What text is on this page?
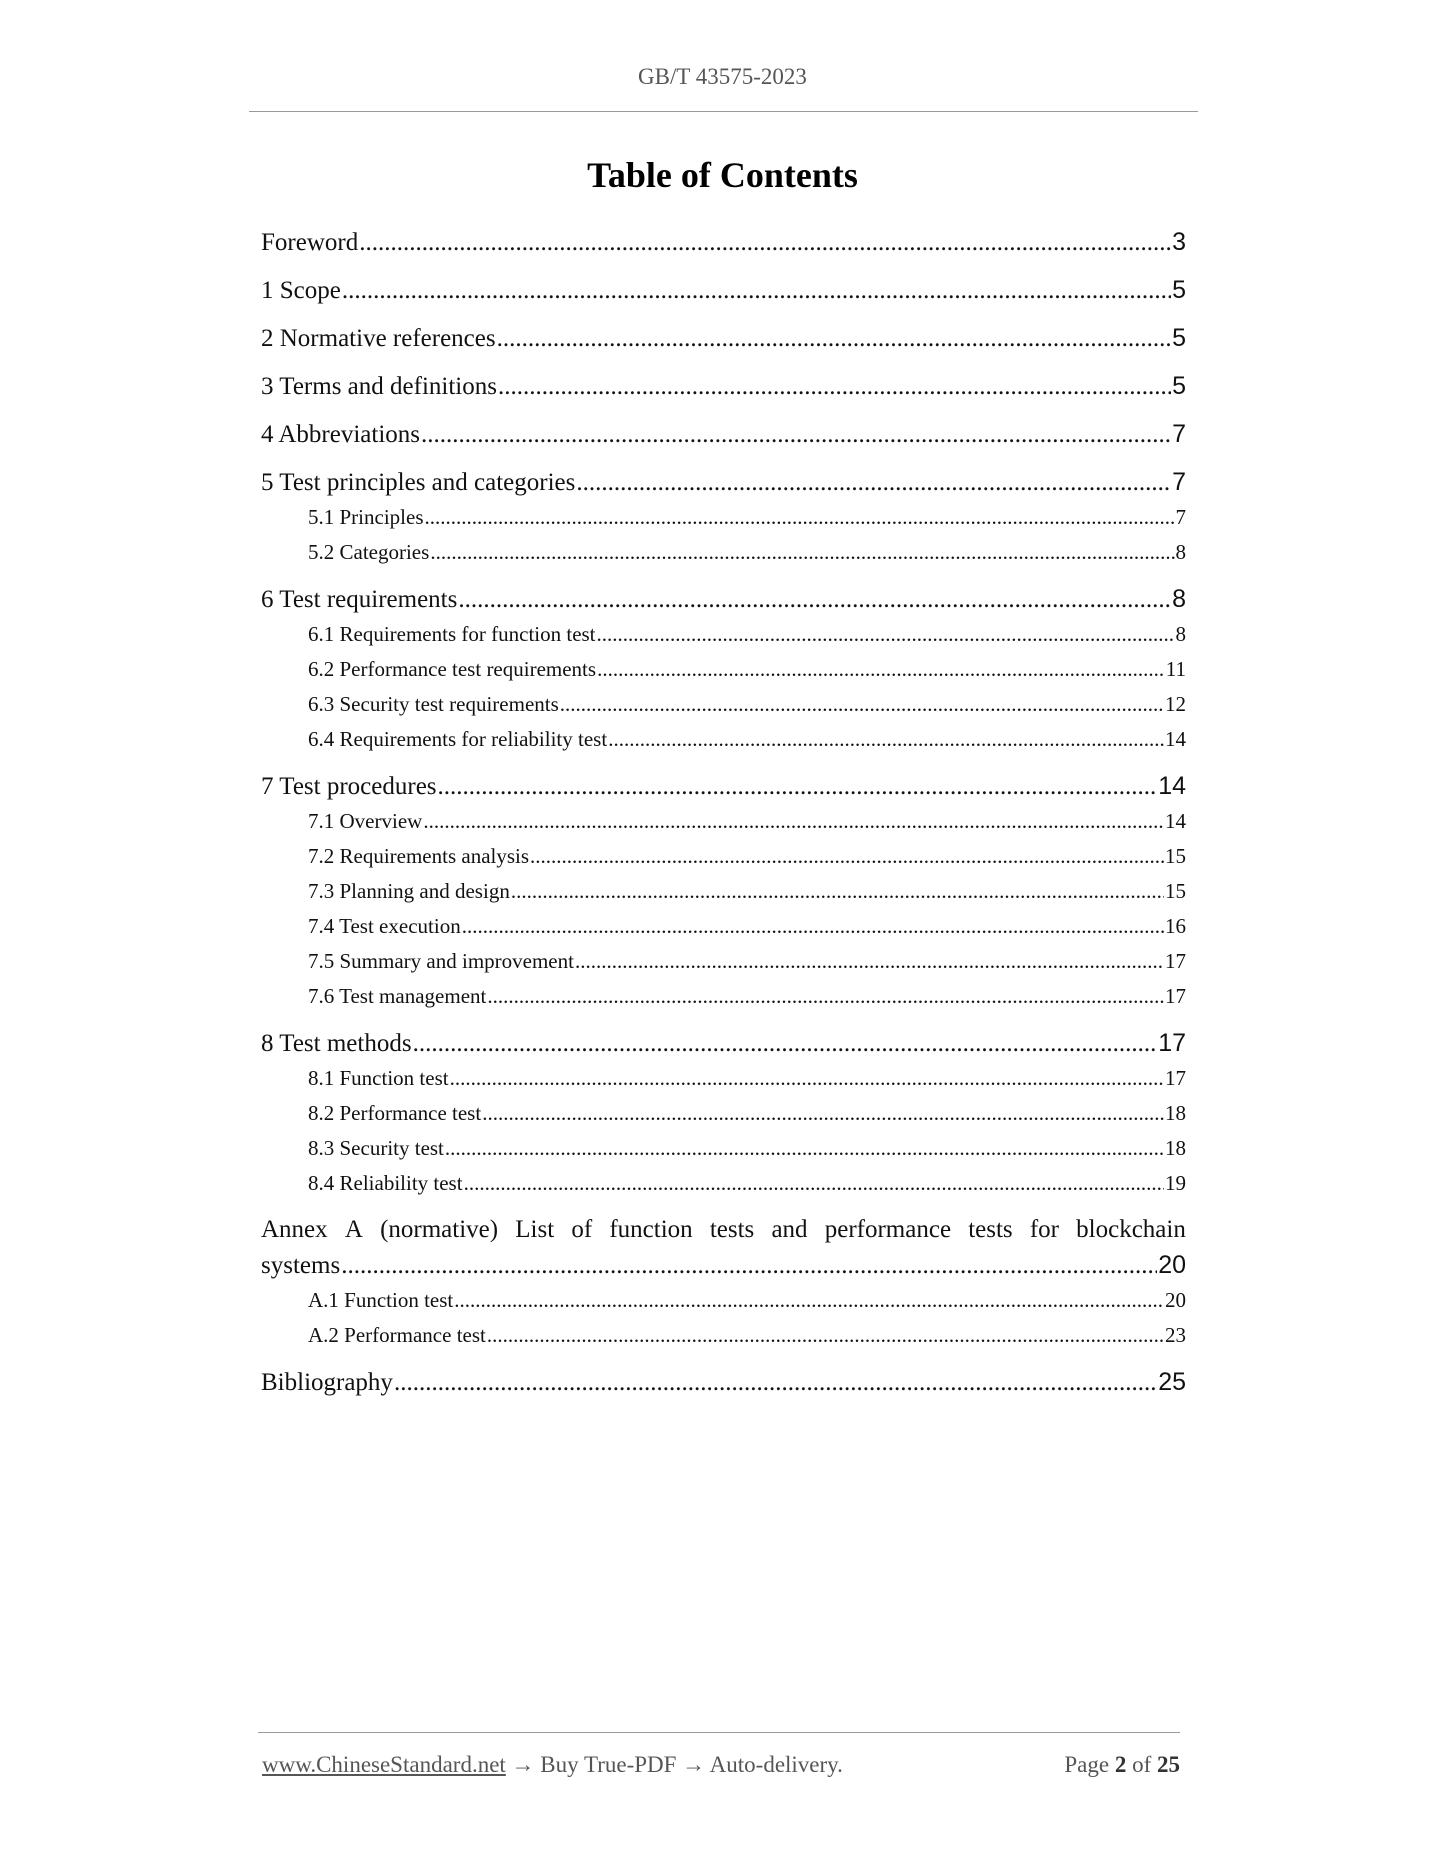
GB/T 43575-2023
Table of Contents
Foreword .....	3
1 Scope .....	5
2 Normative references .....	5
3 Terms and definitions .....	5
4 Abbreviations .....	7
5 Test principles and categories .....	7
5.1 Principles .....	7
5.2 Categories .....	8
6 Test requirements .....	8
6.1 Requirements for function test .....	8
6.2 Performance test requirements .....	11
6.3 Security test requirements .....	12
6.4 Requirements for reliability test .....	14
7 Test procedures .....	14
7.1 Overview .....	14
7.2 Requirements analysis .....	15
7.3 Planning and design .....	15
7.4 Test execution .....	16
7.5 Summary and improvement .....	17
7.6 Test management .....	17
8 Test methods .....	17
8.1 Function test .....	17
8.2 Performance test .....	18
8.3 Security test .....	18
8.4 Reliability test .....	19
Annex A (normative) List of function tests and performance tests for blockchain
systems .....	20
A.1 Function test .....	20
A.2 Performance test .....	23
Bibliography .....	25
www.ChineseStandard.net → Buy True-PDF → Auto-delivery.	Page 2 of 25
